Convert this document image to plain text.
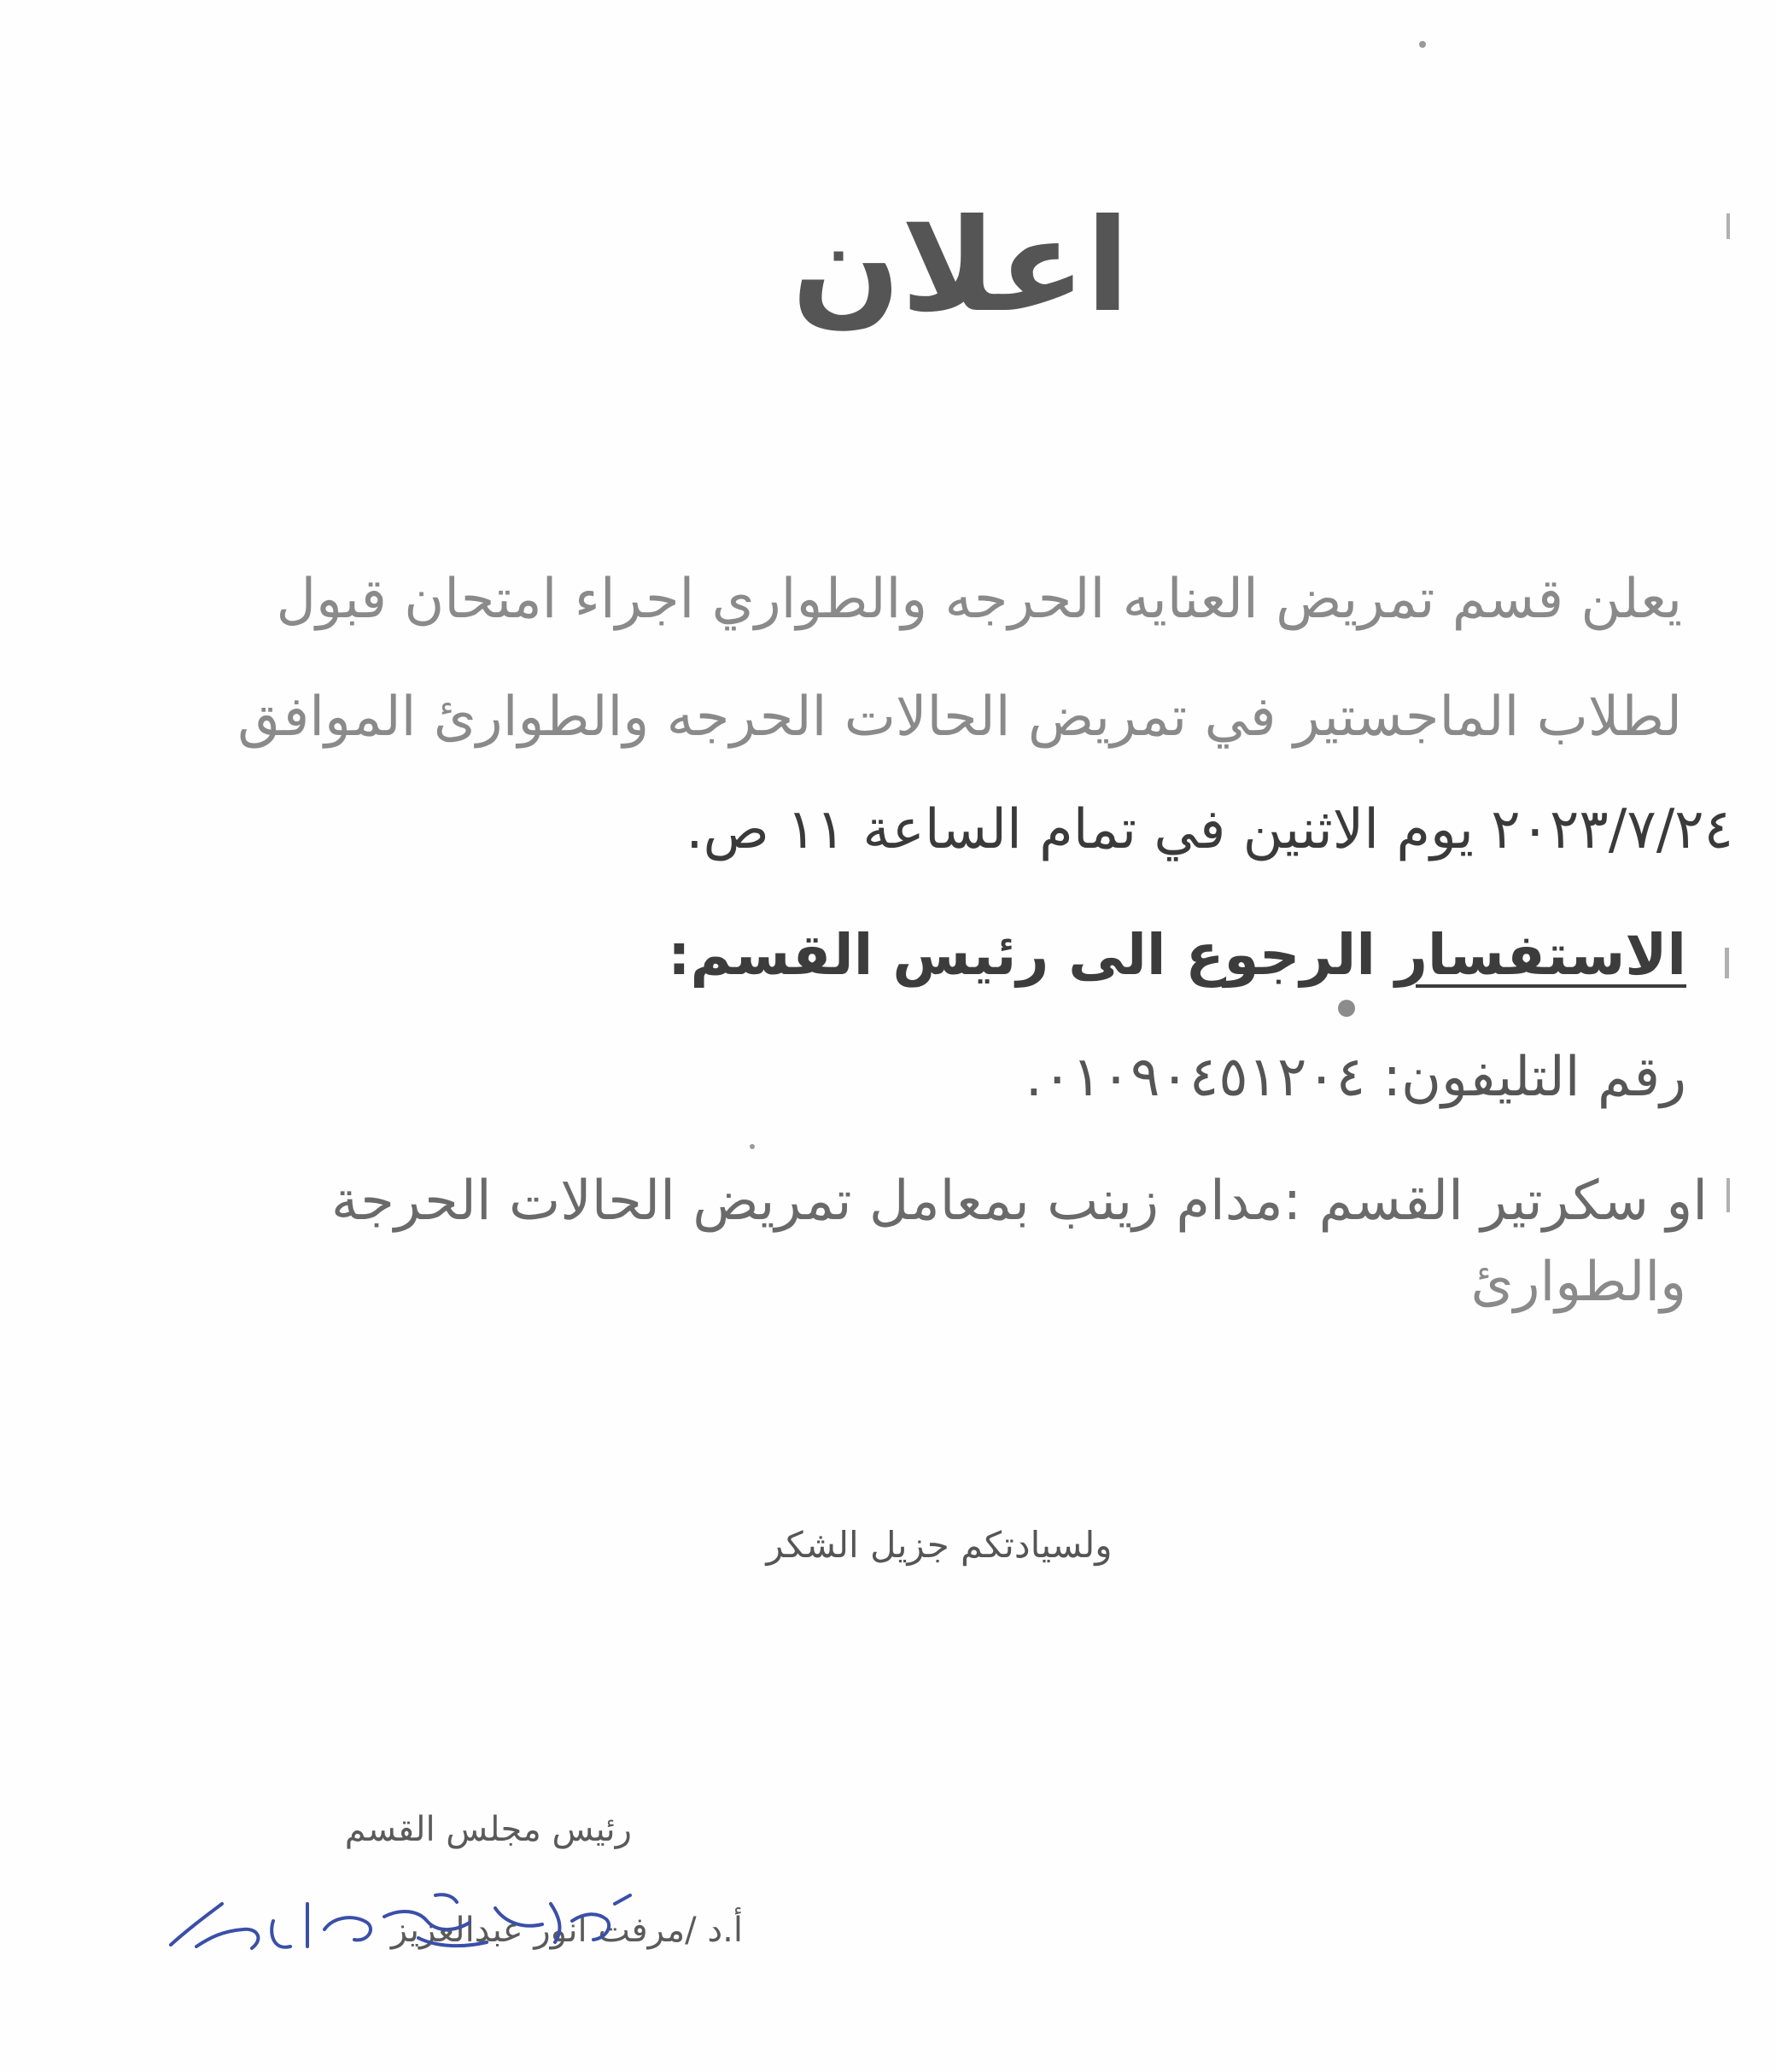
اعلان
يعلن قسم تمريض العنايه الحرجه والطواري اجراء امتحان قبول
لطلاب الماجستير في تمريض الحالات الحرجه والطوارئ الموافق
٢٠٢٣/٧/٢٤ يوم الاثنين في تمام الساعة ١١ ص.
الاستفسار الرجوع الى رئيس القسم:
رقم التليفون: ٠١٠٩٠٤٥١٢٠٤.
او سكرتير القسم :مدام زينب بمعامل تمريض الحالات الحرجة
والطوارئ
ولسيادتكم جزيل الشكر
رئيس مجلس القسم
أ.د /مرفت انور عبدالعزيز
